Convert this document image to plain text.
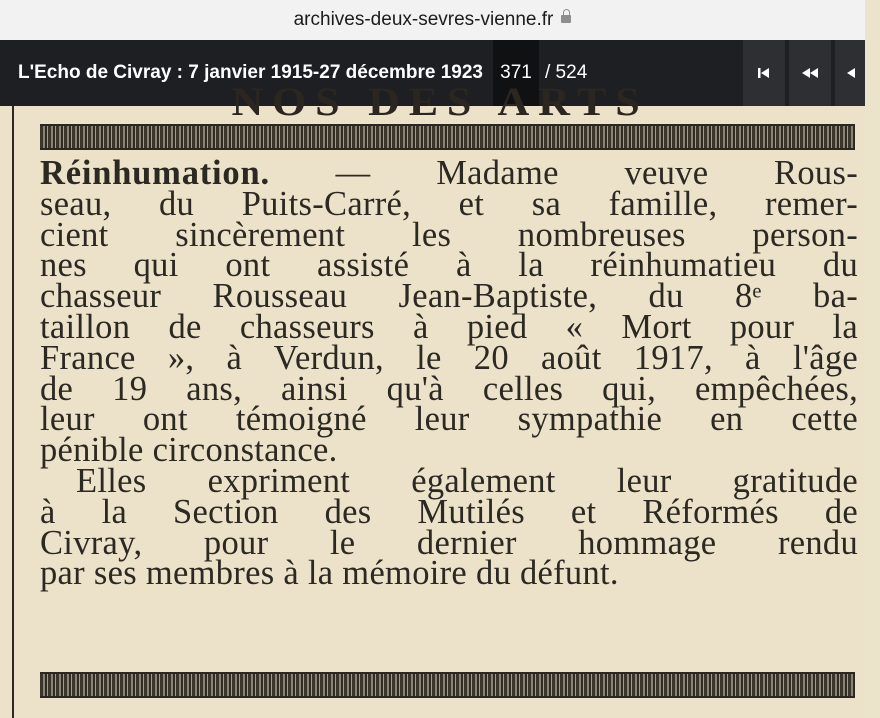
archives-deux-sevres-vienne.fr
L'Echo de Civray : 7 janvier 1915-27 décembre 1923 371 / 524
NOS DES ARTS
Réinhumation. — Madame veuve Rous-
seau, du Puits-Carré, et sa famille, remer-
cient sincèrement les nombreuses person-
nes qui ont assisté à la réinhumatieu du
chasseur Rousseau Jean-Baptiste, du 8ᵉ ba-
taillon de chasseurs à pied « Mort pour la
France », à Verdun, le 20 août 1917, à l'âge
de 19 ans, ainsi qu'à celles qui, empêchées,
leur ont témoigné leur sympathie en cette
pénible circonstance.
Elles expriment également leur gratitude
à la Section des Mutilés et Réformés de
Civray, pour le dernier hommage rendu
par ses membres à la mémoire du défunt.
